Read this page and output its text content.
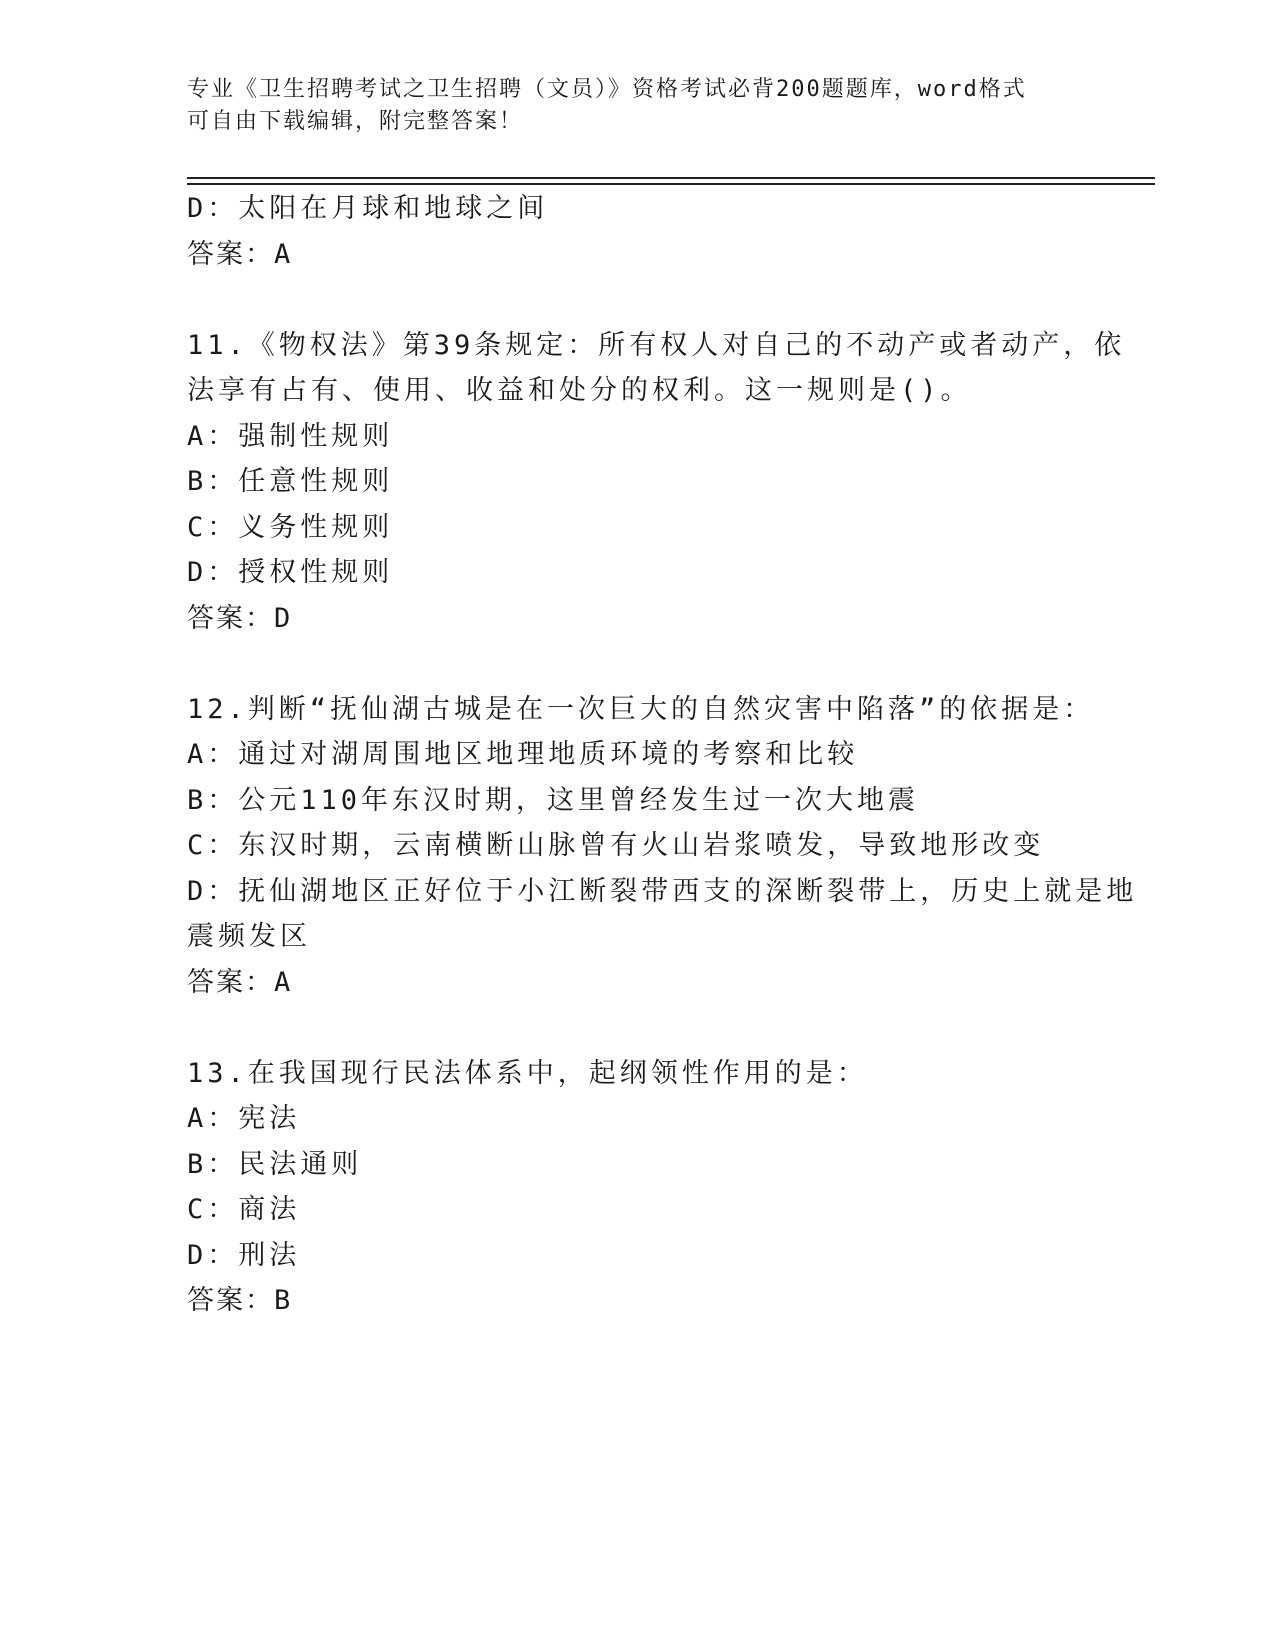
专业《卫生招聘考试之卫生招聘（文员）》资格考试必背200题题库，word格式
可自由下载编辑，附完整答案！
D：太阳在月球和地球之间
答案：A
11.《物权法》第39条规定：所有权人对自己的不动产或者动产，依
法享有占有、使用、收益和处分的权利。这一规则是()。
A：强制性规则
B：任意性规则
C：义务性规则
D：授权性规则
答案：D
12.判断“抚仙湖古城是在一次巨大的自然灾害中陷落”的依据是：
A：通过对湖周围地区地理地质环境的考察和比较
B：公元110年东汉时期，这里曾经发生过一次大地震
C：东汉时期，云南横断山脉曾有火山岩浆喷发，导致地形改变
D：抚仙湖地区正好位于小江断裂带西支的深断裂带上，历史上就是地
震频发区
答案：A
13.在我国现行民法体系中，起纲领性作用的是：
A：宪法
B：民法通则
C：商法
D：刑法
答案：B
